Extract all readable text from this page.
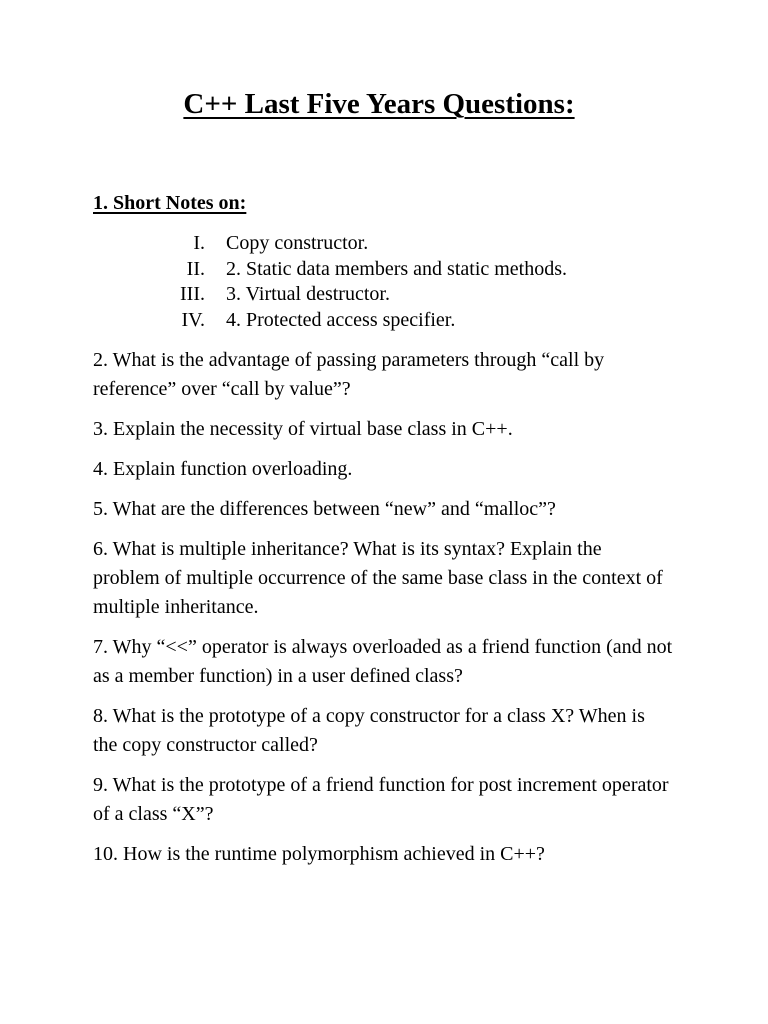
C++ Last Five Years Questions:
1. Short Notes on:
I. Copy constructor.
II. 2. Static data members and static methods.
III. 3. Virtual destructor.
IV. 4. Protected access specifier.

2. What is the advantage of passing parameters through “call by reference” over “call by value”?

3. Explain the necessity of virtual base class in C++.

4. Explain function overloading.

5. What are the differences between “new” and “malloc”?

6. What is multiple inheritance? What is its syntax? Explain the problem of multiple occurrence of the same base class in the context of multiple inheritance.

7. Why “<<” operator is always overloaded as a friend function (and not as a member function) in a user defined class?

8. What is the prototype of a copy constructor for a class X? When is the copy constructor called?

9. What is the prototype of a friend function for post increment operator of a class “X”?

10. How is the runtime polymorphism achieved in C++?
